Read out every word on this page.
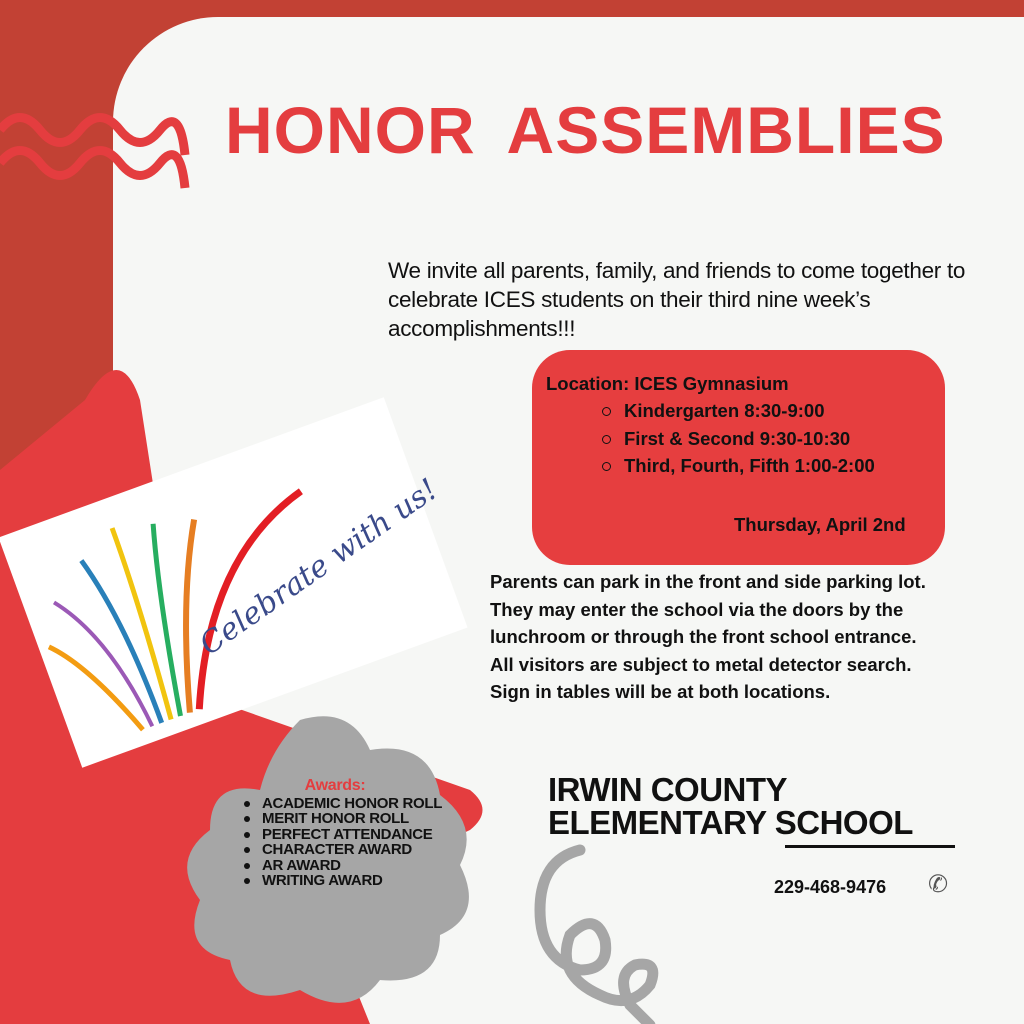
Celebrate with us!
HONOR ASSEMBLIES
We invite all parents, family, and friends to come together to celebrate ICES students on their third nine week’s accomplishments!!!
Location: ICES Gymnasium
Kindergarten 8:30-9:00
First & Second 9:30-10:30
Third, Fourth, Fifth 1:00-2:00
Thursday, April 2nd
Parents can park in the front and side parking lot. They may enter the school via the doors by the lunchroom or through the front school entrance. All visitors are subject to metal detector search. Sign in tables will be at both locations.
IRWIN COUNTY
ELEMENTARY SCHOOL
229-468-9476 ✆
Awards:
ACADEMIC HONOR ROLL
MERIT HONOR ROLL
PERFECT ATTENDANCE
CHARACTER AWARD
AR AWARD
WRITING AWARD
